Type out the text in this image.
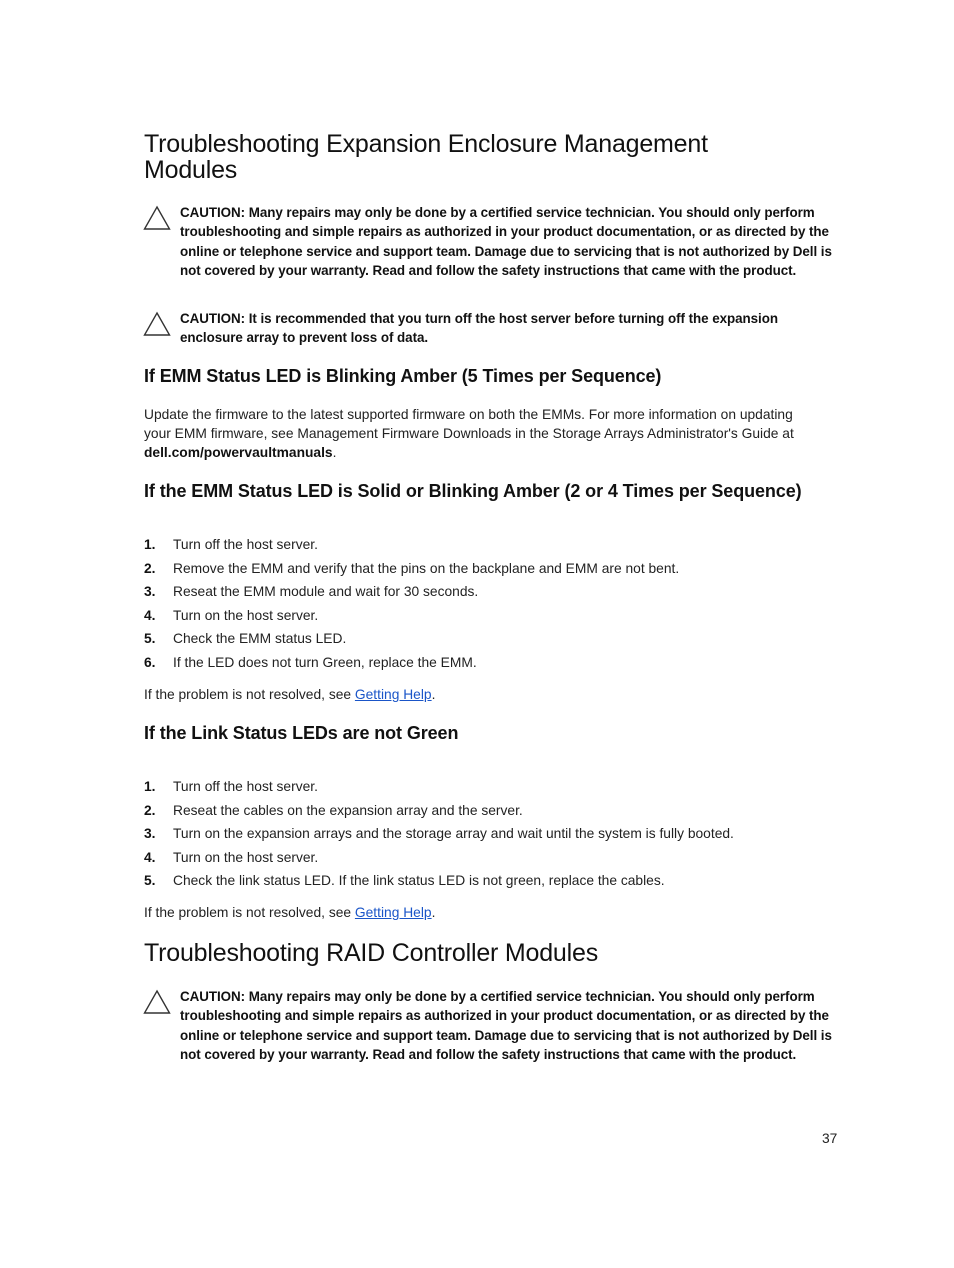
Troubleshooting Expansion Enclosure Management
Modules
CAUTION: Many repairs may only be done by a certified service technician. You should only perform troubleshooting and simple repairs as authorized in your product documentation, or as directed by the online or telephone service and support team. Damage due to servicing that is not authorized by Dell is not covered by your warranty. Read and follow the safety instructions that came with the product.
CAUTION: It is recommended that you turn off the host server before turning off the expansion enclosure array to prevent loss of data.
If EMM Status LED is Blinking Amber (5 Times per Sequence)

Update the firmware to the latest supported firmware on both the EMMs. For more information on updating your EMM firmware, see Management Firmware Downloads in the Storage Arrays Administrator's Guide at dell.com/powervaultmanuals.

If the EMM Status LED is Solid or Blinking Amber (2 or 4 Times per Sequence)
1. Turn off the host server.
2. Remove the EMM and verify that the pins on the backplane and EMM are not bent.
3. Reseat the EMM module and wait for 30 seconds.
4. Turn on the host server.
5. Check the EMM status LED.
6. If the LED does not turn Green, replace the EMM.

If the problem is not resolved, see Getting Help.

If the Link Status LEDs are not Green
1. Turn off the host server.
2. Reseat the cables on the expansion array and the server.
3. Turn on the expansion arrays and the storage array and wait until the system is fully booted.
4. Turn on the host server.
5. Check the link status LED. If the link status LED is not green, replace the cables.

If the problem is not resolved, see Getting Help.

Troubleshooting RAID Controller Modules
CAUTION: Many repairs may only be done by a certified service technician. You should only perform troubleshooting and simple repairs as authorized in your product documentation, or as directed by the online or telephone service and support team. Damage due to servicing that is not authorized by Dell is not covered by your warranty. Read and follow the safety instructions that came with the product.
37
